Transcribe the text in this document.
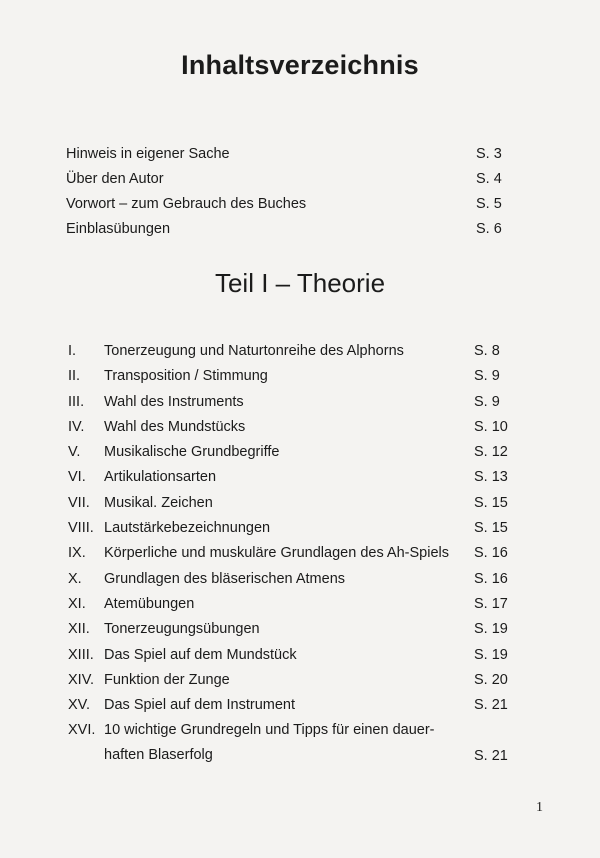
Inhaltsverzeichnis
Hinweis in eigener Sache	S. 3
Über den Autor	S. 4
Vorwort – zum Gebrauch des Buches	S. 5
Einblasübungen	S. 6
Teil I – Theorie
I. Tonerzeugung und Naturtonreihe des Alphorns	S. 8
II. Transposition / Stimmung	S. 9
III. Wahl des Instruments	S. 9
IV. Wahl des Mundstücks	S. 10
V. Musikalische Grundbegriffe	S. 12
VI. Artikulationsarten	S. 13
VII. Musikal. Zeichen	S. 15
VIII. Lautstärkebezeichnungen	S. 15
IX. Körperliche und muskuläre Grundlagen des Ah-Spiels S. 16
X. Grundlagen des bläserischen Atmens	S. 16
XI. Atemübungen	S. 17
XII. Tonerzeugungsübungen	S. 19
XIII. Das Spiel auf dem Mundstück	S. 19
XIV. Funktion der Zunge	S. 20
XV. Das Spiel auf dem Instrument	S. 21
XVI. 10 wichtige Grundregeln und Tipps für einen dauer-haften Blaserfolg	S. 21
1
